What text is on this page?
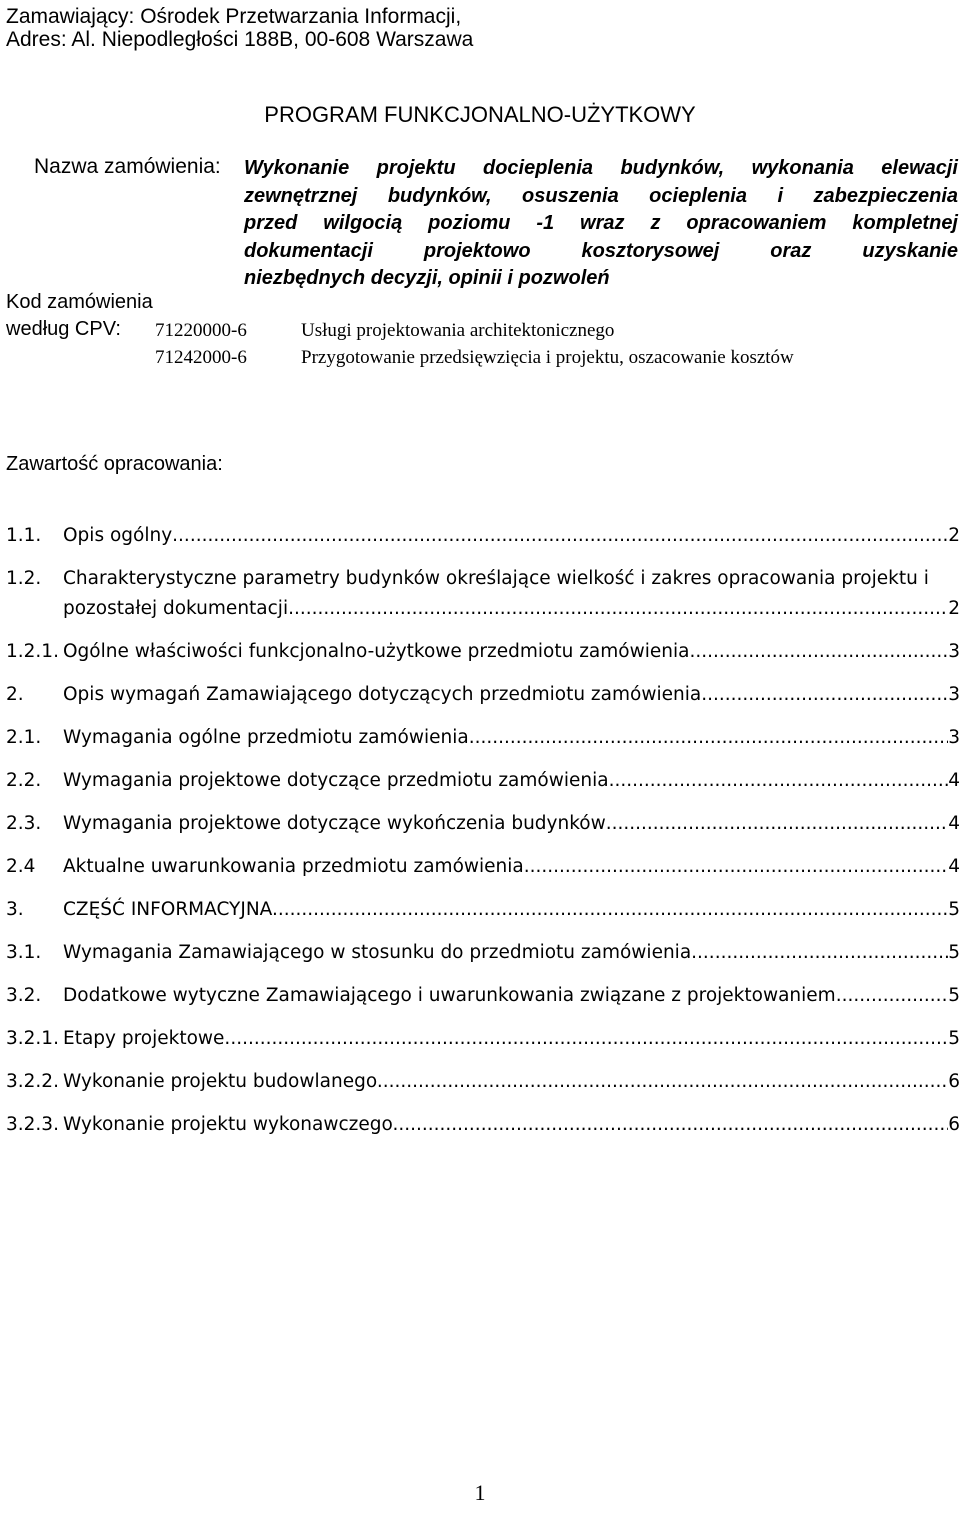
Zamawiający: Ośrodek Przetwarzania Informacji,
Adres: Al. Niepodległości 188B, 00-608 Warszawa
PROGRAM FUNKCJONALNO-UŻYTKOWY
Nazwa zamówienia: Wykonanie projektu docieplenia budynków, wykonania elewacji
zewnętrznej budynków, osuszenia ocieplenia i zabezpieczenia
przed wilgocią poziomu -1 wraz z opracowaniem kompletnej
dokumentacji projektowo kosztorysowej oraz uzyskanie
niezbędnych decyzji, opinii i pozwoleń
Kod zamówienia
według CPV: 71220000-6	Usługi projektowania architektonicznego
71242000-6	Przygotowanie przedsięwzięcia i projektu, oszacowanie kosztów
Zawartość opracowania:
1.1. Opis ogólny .....	2
1.2. Charakterystyczne parametry budynków określające wielkość i zakres opracowania projektu i
pozostałej dokumentacji .....	2
1.2.1. Ogólne właściwości funkcjonalno-użytkowe przedmiotu zamówienia. .....	3
2. Opis wymagań Zamawiającego dotyczących przedmiotu zamówienia .....	3
2.1. Wymagania ogólne przedmiotu zamówienia .....	3
2.2. Wymagania projektowe dotyczące przedmiotu zamówienia .....	4
2.3. Wymagania projektowe dotyczące wykończenia budynków .....	4
2.4 Aktualne uwarunkowania przedmiotu zamówienia .....	4
3. CZĘŚĆ INFORMACYJNA. .....	5
3.1. Wymagania Zamawiającego w stosunku do przedmiotu zamówienia. .....	5
3.2. Dodatkowe wytyczne Zamawiającego i uwarunkowania związane z projektowaniem. .....	5
3.2.1. Etapy projektowe. .....	5
3.2.2. Wykonanie projektu budowlanego. .....	6
3.2.3. Wykonanie projektu wykonawczego. .....	6
1
